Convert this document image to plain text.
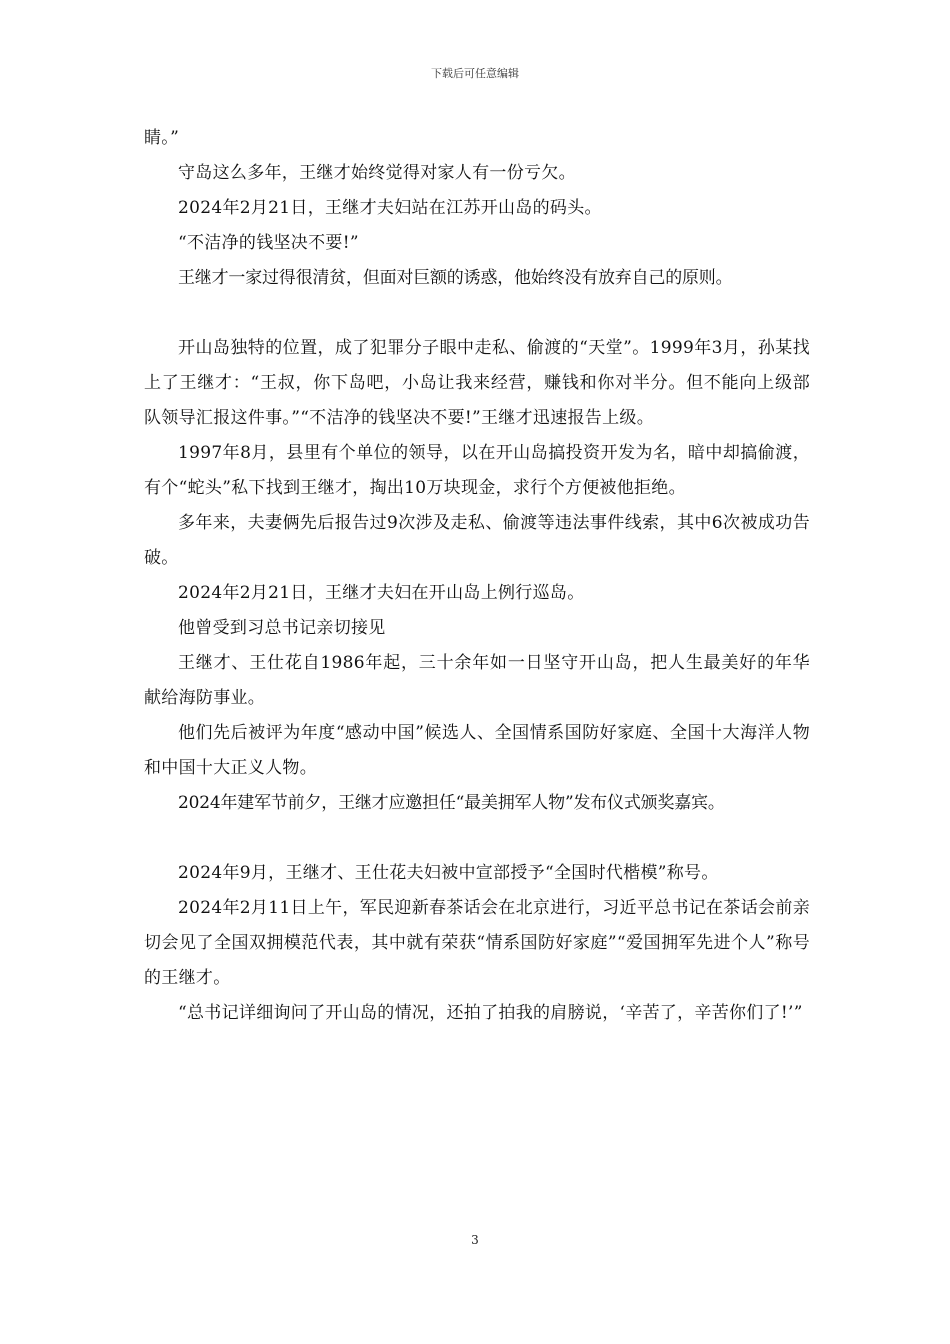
下载后可任意编辑

睛。”

守岛这么多年，王继才始终觉得对家人有一份亏欠。

2024年2月21日，王继才夫妇站在江苏开山岛的码头。

“不洁净的钱坚决不要!”

王继才一家过得很清贫，但面对巨额的诱惑，他始终没有放弃自己的原则。

开山岛独特的位置，成了犯罪分子眼中走私、偷渡的“天堂”。1999年3月，孙某找上了王继才：“王叔，你下岛吧，小岛让我来经营，赚钱和你对半分。但不能向上级部队领导汇报这件事。”“不洁净的钱坚决不要!”王继才迅速报告上级。

1997年8月，县里有个单位的领导，以在开山岛搞投资开发为名，暗中却搞偷渡，有个“蛇头”私下找到王继才，掏出10万块现金，求行个方便被他拒绝。

多年来，夫妻俩先后报告过9次涉及走私、偷渡等违法事件线索，其中6次被成功告破。

2024年2月21日，王继才夫妇在开山岛上例行巡岛。

他曾受到习总书记亲切接见

王继才、王仕花自1986年起，三十余年如一日坚守开山岛，把人生最美好的年华献给海防事业。

他们先后被评为年度“感动中国”候选人、全国情系国防好家庭、全国十大海洋人物和中国十大正义人物。

2024年建军节前夕，王继才应邀担任“最美拥军人物”发布仪式颁奖嘉宾。

2024年9月，王继才、王仕花夫妇被中宣部授予“全国时代楷模”称号。

2024年2月11日上午，军民迎新春茶话会在北京进行，习近平总书记在茶话会前亲切会见了全国双拥模范代表，其中就有荣获“情系国防好家庭”“爱国拥军先进个人”称号的王继才。

“总书记详细询问了开山岛的情况，还拍了拍我的肩膀说，‘辛苦了，辛苦你们了!’”

3
